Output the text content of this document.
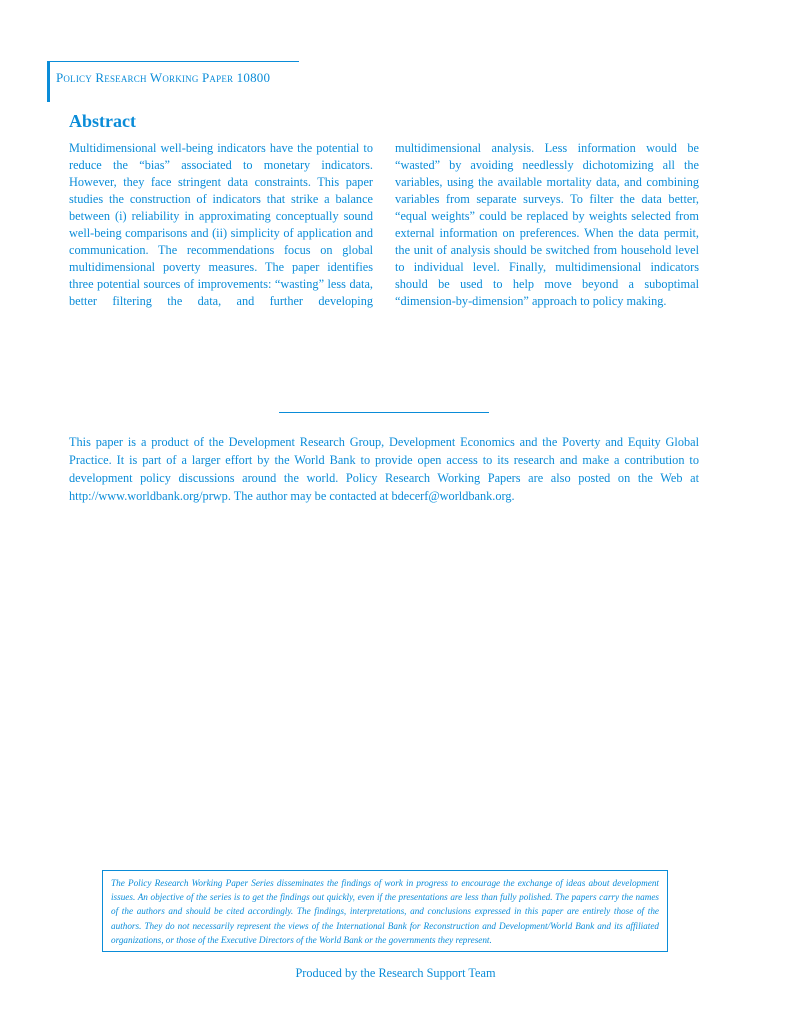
Policy Research Working Paper 10800
Abstract
Multidimensional well-being indicators have the potential to reduce the “bias” associated to monetary indicators. However, they face stringent data constraints. This paper studies the construction of indicators that strike a balance between (i) reliability in approximating conceptually sound well-being comparisons and (ii) simplicity of application and communication. The recommendations focus on global multidimensional poverty measures. The paper identifies three potential sources of improvements: “wasting” less data, better filtering the data, and further developing multidimensional analysis. Less information would be “wasted” by avoiding needlessly dichotomizing all the variables, using the available mortality data, and combining variables from separate surveys. To filter the data better, “equal weights” could be replaced by weights selected from external information on preferences. When the data permit, the unit of analysis should be switched from household level to individual level. Finally, multidimensional indicators should be used to help move beyond a suboptimal “dimension-by-dimension” approach to policy making.
This paper is a product of the Development Research Group, Development Economics and the Poverty and Equity Global Practice. It is part of a larger effort by the World Bank to provide open access to its research and make a contribution to development policy discussions around the world. Policy Research Working Papers are also posted on the Web at http://www.worldbank.org/prwp. The author may be contacted at bdecerf@worldbank.org.
The Policy Research Working Paper Series disseminates the findings of work in progress to encourage the exchange of ideas about development issues. An objective of the series is to get the findings out quickly, even if the presentations are less than fully polished. The papers carry the names of the authors and should be cited accordingly. The findings, interpretations, and conclusions expressed in this paper are entirely those of the authors. They do not necessarily represent the views of the International Bank for Reconstruction and Development/World Bank and its affiliated organizations, or those of the Executive Directors of the World Bank or the governments they represent.
Produced by the Research Support Team
